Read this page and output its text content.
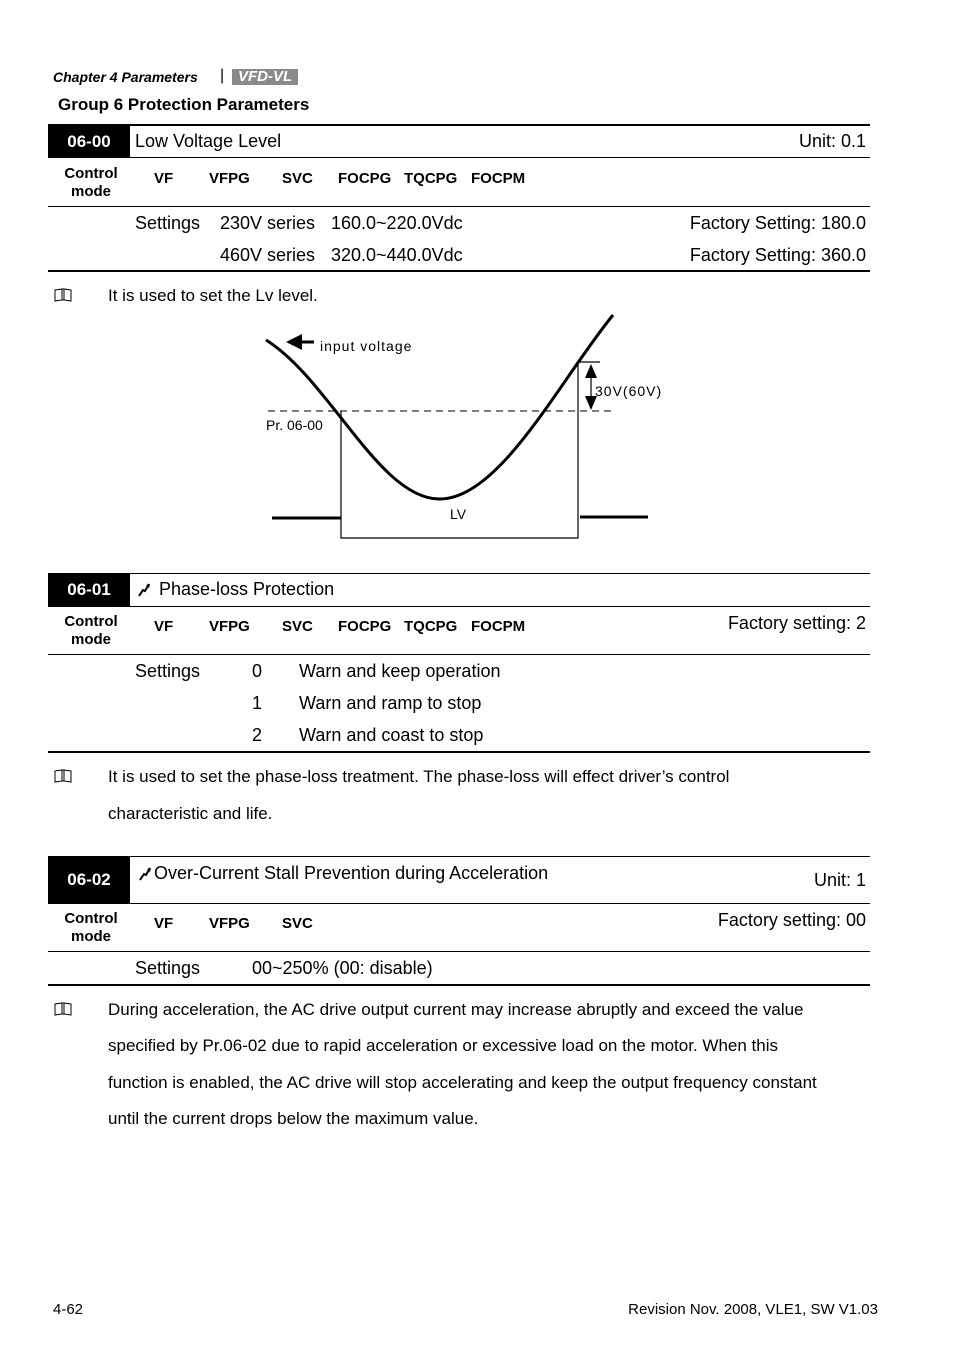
Chapter 4 Parameters | VFD-VL
Group 6 Protection Parameters
06-00	Low Voltage Level	Unit: 0.1
Control mode
VF VFPG SVC FOCPG TQCPG FOCPM
Settings 230V series 160.0~220.0Vdc	Factory Setting: 180.0
460V series 320.0~440.0Vdc	Factory Setting: 360.0
It is used to set the Lv level.
input voltage
30V(60V)
Pr. 06-00
LV
06-01	Phase-loss Protection
Control mode
VF VFPG SVC FOCPG TQCPG FOCPM	Factory setting: 2
Settings	0 Warn and keep operation
1 Warn and ramp to stop
2 Warn and coast to stop
It is used to set the phase-loss treatment. The phase-loss will effect driver’s control
characteristic and life.
06-02	Over-Current Stall Prevention during Acceleration	Unit: 1
Control mode
VF VFPG SVC	Factory setting: 00
Settings	00~250% (00: disable)
During acceleration, the AC drive output current may increase abruptly and exceed the value
specified by Pr.06-02 due to rapid acceleration or excessive load on the motor. When this
function is enabled, the AC drive will stop accelerating and keep the output frequency constant
until the current drops below the maximum value.
4-62	Revision Nov. 2008, VLE1, SW V1.03
